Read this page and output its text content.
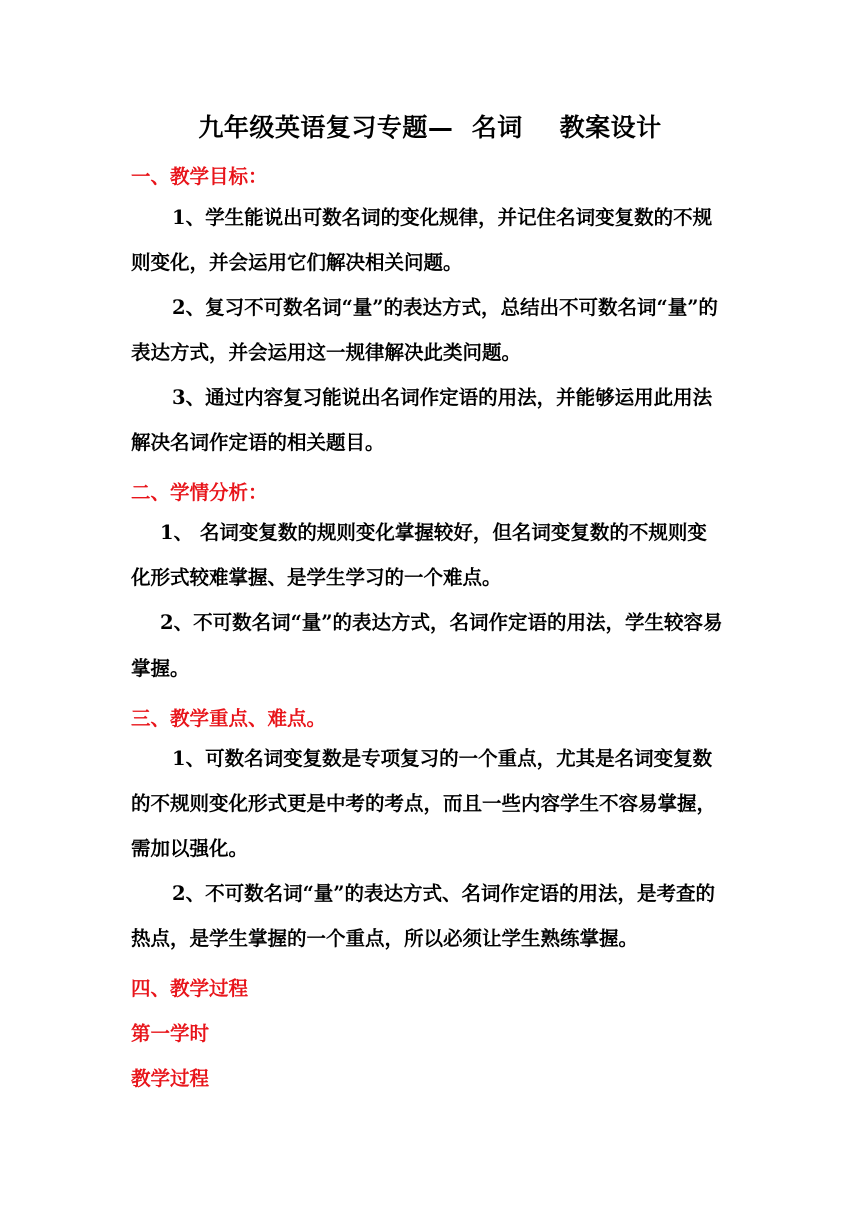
九年级英语复习专题—  名词    教案设计
一、教学目标：
1、学生能说出可数名词的变化规律，并记住名词变复数的不规
则变化，并会运用它们解决相关问题。
2、复习不可数名词“量”的表达方式，总结出不可数名词“量”的
表达方式，并会运用这一规律解决此类问题。
3、通过内容复习能说出名词作定语的用法，并能够运用此用法
解决名词作定语的相关题目。
二、学情分析：
1、 名词变复数的规则变化掌握较好，但名词变复数的不规则变
化形式较难掌握、是学生学习的一个难点。
2、不可数名词“量”的表达方式，名词作定语的用法，学生较容易
掌握。
三、教学重点、难点。
1、可数名词变复数是专项复习的一个重点，尤其是名词变复数
的不规则变化形式更是中考的考点，而且一些内容学生不容易掌握，
需加以强化。
2、不可数名词“量”的表达方式、名词作定语的用法，是考查的
热点，是学生掌握的一个重点，所以必须让学生熟练掌握。
四、教学过程
第一学时
教学过程
